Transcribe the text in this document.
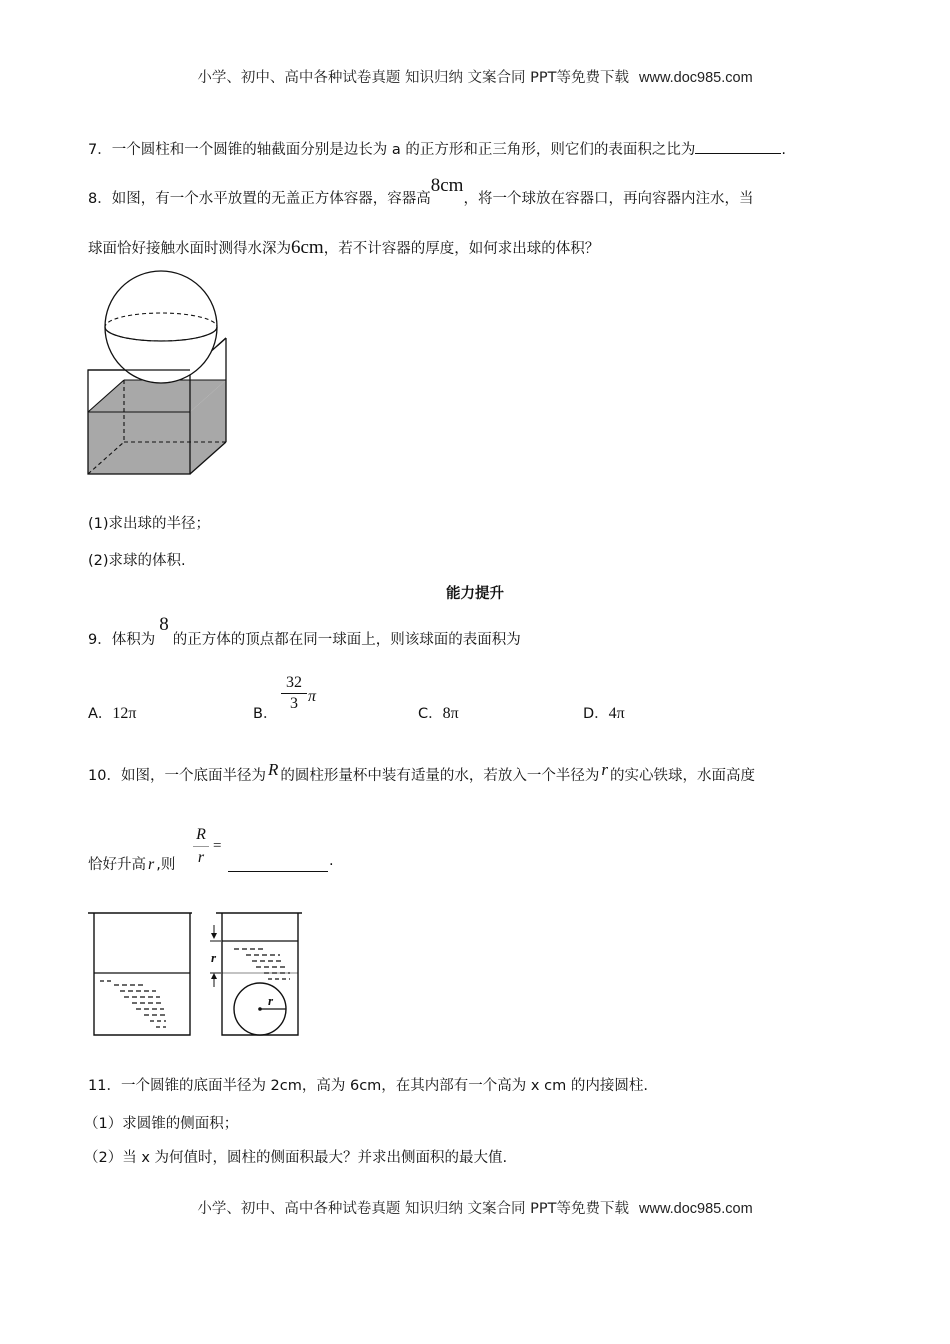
小学、初中、高中各种试卷真题 知识归纳 文案合同 PPT等免费下载 www.doc985.com
7．一个圆柱和一个圆锥的轴截面分别是边长为 a 的正方形和正三角形，则它们的表面积之比为	.
8．如图，有一个水平放置的无盖正方体容器，容器高8cm，将一个球放在容器口，再向容器内注水，当
球面恰好接触水面时测得水深为6cm，若不计容器的厚度，如何求出球的体积？
(1)求出球的半径；
(2)求球的体积.
能力提升
9．体积为8的正方体的顶点都在同一球面上，则该球面的表面积为
A．12π	B．
32
3 π
C．8π	D．4π
10．如图，一个底面半径为 R 的圆柱形量杯中装有适量的水，若放入一个半径为 r 的实心铁球，水面高度
恰好升高 r ,则
R
r
=
.
r
r
11．一个圆锥的底面半径为 2cm，高为 6cm，在其内部有一个高为 x cm 的内接圆柱.
（1）求圆锥的侧面积；
（2）当 x 为何值时，圆柱的侧面积最大？并求出侧面积的最大值.
小学、初中、高中各种试卷真题 知识归纳 文案合同 PPT等免费下载 www.doc985.com
